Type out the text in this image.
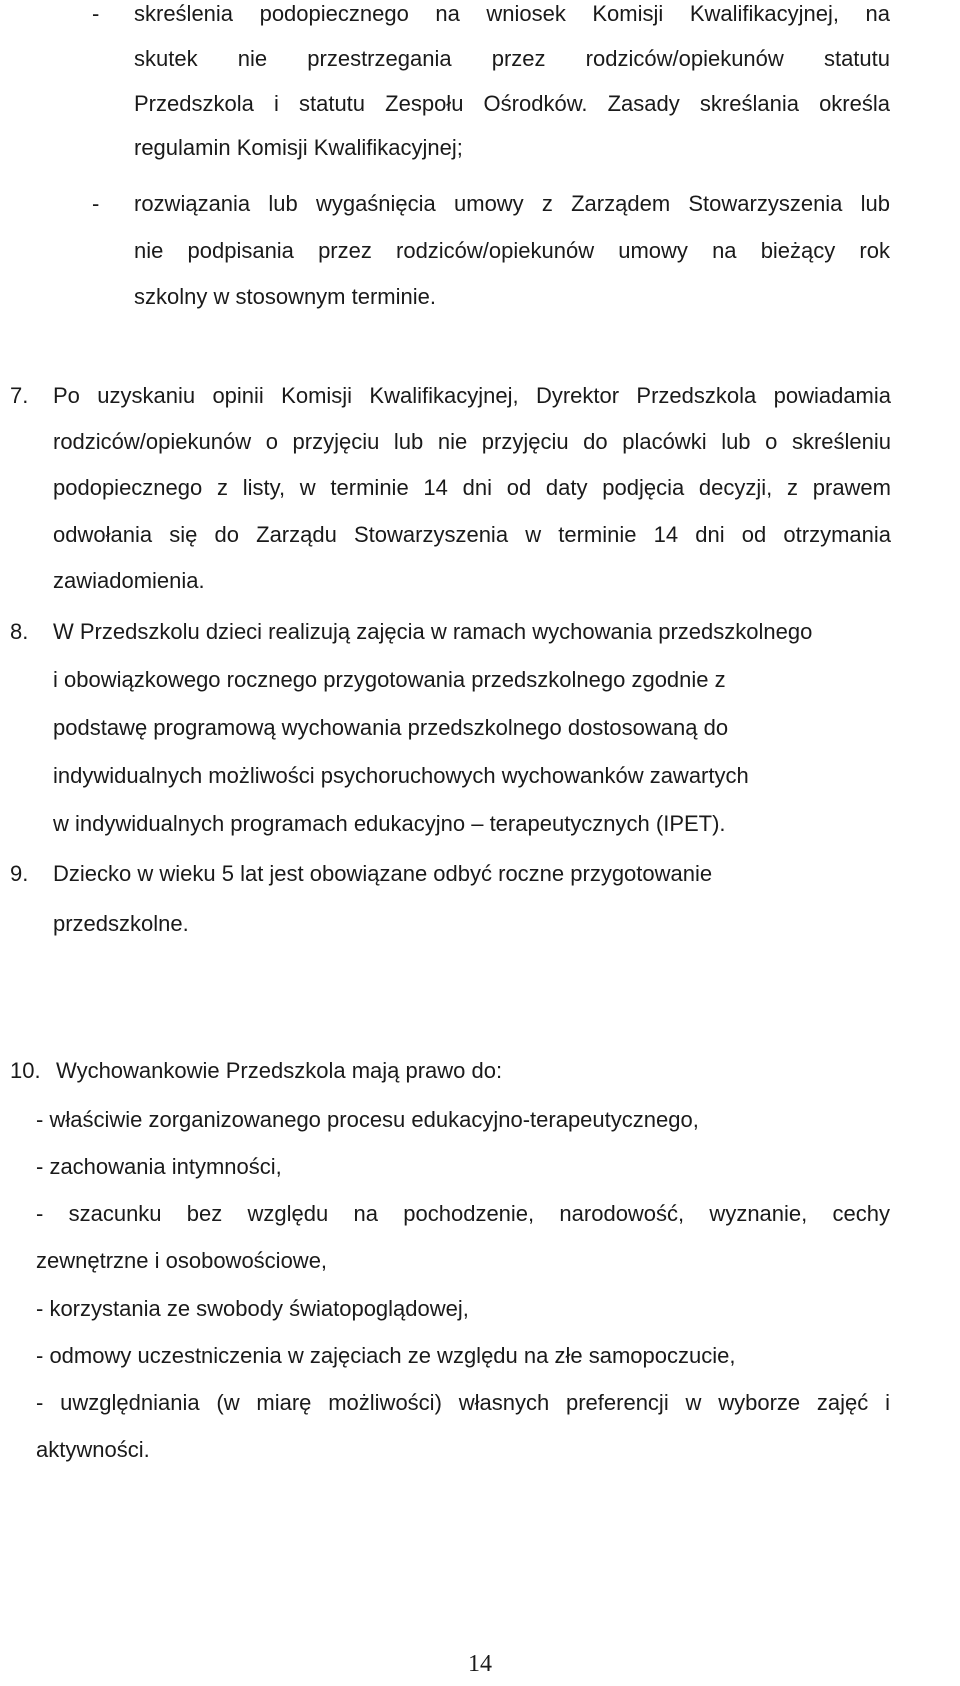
- skreślenia podopiecznego na wniosek Komisji Kwalifikacyjnej, na
skutek nie przestrzegania przez rodziców/opiekunów statutu
Przedszkola i statutu Zespołu Ośrodków. Zasady skreślania określa
regulamin Komisji Kwalifikacyjnej;
- rozwiązania lub wygaśnięcia umowy z Zarządem Stowarzyszenia lub
nie podpisania przez rodziców/opiekunów umowy na bieżący rok
szkolny w stosownym terminie.
7. Po uzyskaniu opinii Komisji Kwalifikacyjnej, Dyrektor Przedszkola powiadamia
rodziców/opiekunów o przyjęciu lub nie przyjęciu do placówki lub o skreśleniu
podopiecznego z listy, w terminie 14 dni od daty podjęcia decyzji, z prawem
odwołania się do Zarządu Stowarzyszenia w terminie 14 dni od otrzymania
zawiadomienia.
8. W Przedszkolu dzieci realizują zajęcia w ramach wychowania przedszkolnego
i obowiązkowego rocznego przygotowania przedszkolnego zgodnie z
podstawę programową wychowania przedszkolnego dostosowaną do
indywidualnych możliwości psychoruchowych wychowanków zawartych
w indywidualnych programach edukacyjno – terapeutycznych (IPET).
9. Dziecko w wieku 5 lat jest obowiązane odbyć roczne przygotowanie
przedszkolne.
10. Wychowankowie Przedszkola mają prawo do:
- właściwie zorganizowanego procesu edukacyjno-terapeutycznego,
- zachowania intymności,
- szacunku bez względu na pochodzenie, narodowość, wyznanie, cechy
zewnętrzne i osobowościowe,
- korzystania ze swobody światopoglądowej,
- odmowy uczestniczenia w zajęciach ze względu na złe samopoczucie,
- uwzględniania (w miarę możliwości) własnych preferencji w wyborze zajęć i
aktywności.
14
